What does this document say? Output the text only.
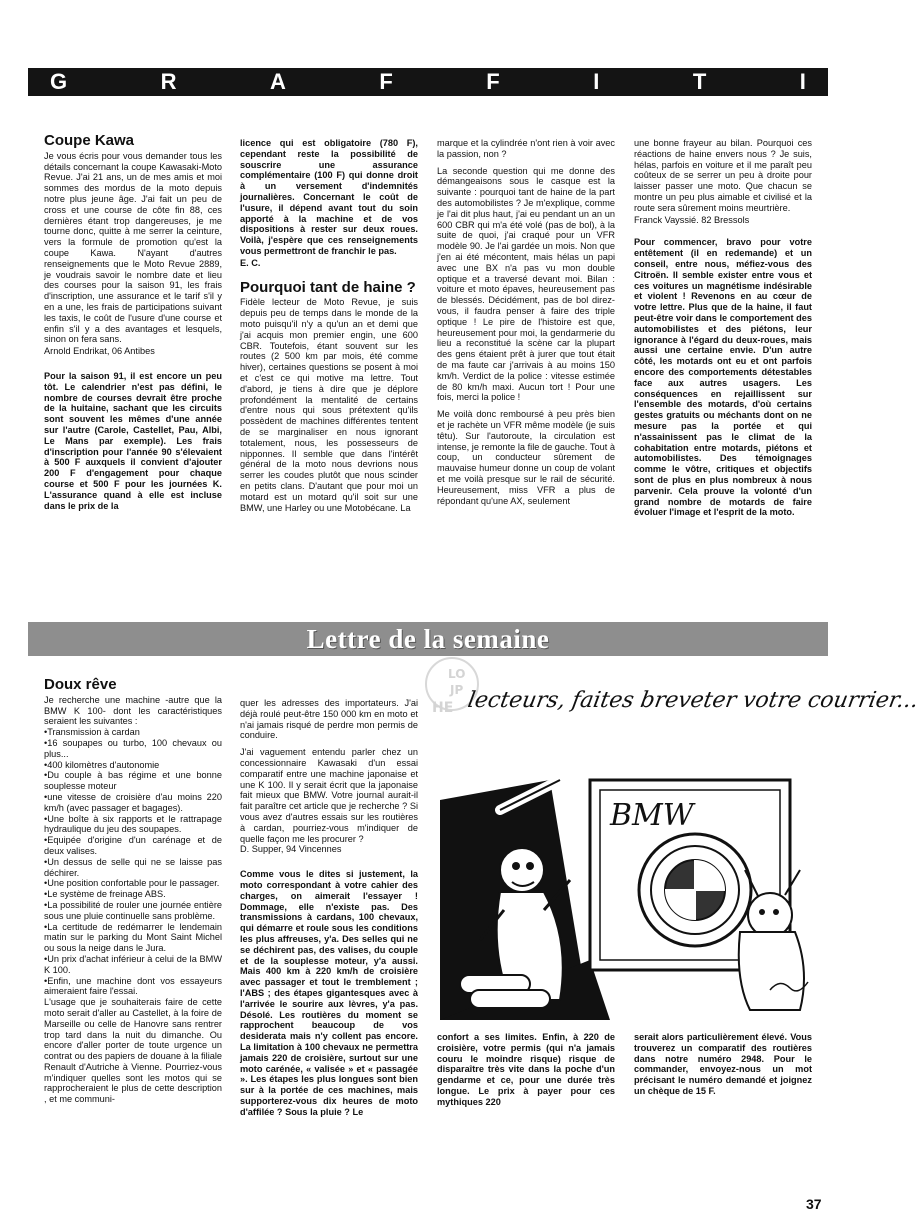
G	R	A	F	F	I	T	I
Coupe Kawa

Je vous écris pour vous demander tous les détails concernant la coupe Kawasaki-Moto Revue. J'ai 21 ans, un de mes amis et moi sommes des mordus de la moto depuis notre plus jeune âge. J'ai fait un peu de cross et une course de côte fin 88, ces dernières étant trop dangereuses, je me tourne donc, quitte à me serrer la ceinture, vers la formule de promotion qu'est la coupe Kawa. N'ayant d'autres renseignements que le Moto Revue 2889, je voudrais savoir le nombre date et lieu des courses pour la saison 91, les frais d'inscription, une assurance et le tarif s'il y en a une, les frais de participations suivant les taxis, le coût de l'usure d'une course et enfin s'il y a des avantages et lesquels, sinon on fera sans.

Arnold Endrikat, 06 Antibes

Pour la saison 91, il est encore un peu tôt. Le calendrier n'est pas défini, le nombre de courses devrait être proche de la huitaine, sachant que les circuits sont souvent les mêmes d'une année sur l'autre (Carole, Castellet, Pau, Albi, Le Mans par exemple). Les frais d'inscription pour l'année 90 s'élevaient à 500 F auxquels il convient d'ajouter 200 F d'engagement pour chaque course et 500 F pour les journées K. L'assurance quand à elle est incluse dans le prix de la

licence qui est obligatoire (780 F), cependant reste la possibilité de souscrire une assurance complémentaire (100 F) qui donne droit à un versement d'indemnités journalières. Concernant le coût de l'usure, il dépend avant tout du soin apporté à la machine et de vos dispositions à rester sur deux roues. Voilà, j'espère que ces renseignements vous permettront de franchir le pas.

E. C.

Pourquoi tant de haine ?

Fidèle lecteur de Moto Revue, je suis depuis peu de temps dans le monde de la moto puisqu'il n'y a qu'un an et demi que j'ai acquis mon premier engin, une 600 CBR. Toutefois, étant souvent sur les routes (2 500 km par mois, été comme hiver), certaines questions se posent à moi et c'est ce qui motive ma lettre. Tout d'abord, je tiens à dire que je déplore profondément la mentalité de certains d'entre nous qui sous prétextent qu'ils possèdent de machines différentes tentent de se marginaliser en nous ignorant totalement, nous, les possesseurs de nipponnes. Il semble que dans l'intérêt général de la moto nous devrions nous serrer les coudes plutôt que nous scinder en petits clans. D'autant que pour moi un motard est un motard qu'il soit sur une BMW, une Harley ou une Motobécane. La

marque et la cylindrée n'ont rien à voir avec la passion, non ?

La seconde question qui me donne des démangeaisons sous le casque est la suivante : pourquoi tant de haine de la part des automobilistes ? Je m'explique, comme je l'ai dit plus haut, j'ai eu pendant un an un 600 CBR qui m'a été volé (pas de bol), à la suite de quoi, j'ai craqué pour un VFR modèle 90. Je l'ai gardée un mois. Non que j'en ai été mécontent, mais hélas un papi avec une BX n'a pas vu mon double optique et a traversé devant moi. Bilan : voiture et moto épaves, heureusement pas de blessés. Décidément, pas de bol direz-vous, il faudra penser à faire des triple optique ! Le pire de l'histoire est que, heureusement pour moi, la gendarmerie du lieu a reconstitué la scène car la plupart des gens étaient prêt à jurer que tout était de ma faute car j'arrivais à au moins 150 km/h. Verdict de la police : vitesse estimée de 80 km/h maxi. Aucun tort ! Pour une fois, merci la police !

Me voilà donc remboursé à peu près bien et je rachète un VFR même modèle (je suis têtu). Sur l'autoroute, la circulation est intense, je remonte la file de gauche. Tout à coup, un conducteur sûrement de mauvaise humeur donne un coup de volant et me voilà presque sur le rail de sécurité. Heureusement, miss VFR a plus de répondant qu'une AX, seulement

une bonne frayeur au bilan. Pourquoi ces réactions de haine envers nous ? Je suis, hélas, parfois en voiture et il me paraît peu coûteux de se serrer un peu à droite pour laisser passer une moto. Que chacun se montre un peu plus aimable et civilisé et la route sera sûrement moins meurtrière.

Franck Vayssié. 82 Bressols

Pour commencer, bravo pour votre entêtement (il en redemande) et un conseil, entre nous, méfiez-vous des Citroën. Il semble exister entre vous et ces voitures un magnétisme indésirable et violent ! Revenons en au cœur de votre lettre. Plus que de la haine, il faut peut-être voir dans le comportement des automobilistes et des piétons, leur ignorance à l'égard du deux-roues, mais aussi une certaine envie. D'un autre côté, les motards ont eu et ont parfois encore des comportements détestables face aux autres usagers. Les conséquences en rejaillissent sur l'ensemble des motards, d'où certains gestes gratuits ou méchants dont on ne mesure pas la portée et qui n'assainissent pas le climat de la cohabitation entre motards, piétons et automobilistes. Des témoignages comme le vôtre, critiques et objectifs sont de plus en plus nombreux à nous parvenir. Cela prouve la volonté d'un grand nombre de motards de faire évoluer l'image et l'esprit de la moto.

Lettre de la semaine
LO
JP
HE
Doux rêve

Je recherche une machine -autre que la BMW K 100- dont les caractéristiques seraient les suivantes :

•Transmission à cardan
•16 soupapes ou turbo, 100 chevaux ou plus...
•400 kilomètres d'autonomie
•Du couple à bas régime et une bonne souplesse moteur
•une vitesse de croisière d'au moins 220 km/h (avec passager et bagages).
•Une boîte à six rapports et le rattrapage hydraulique du jeu des soupapes.
•Equipée d'origine d'un carénage et de deux valises.
•Un dessus de selle qui ne se laisse pas déchirer.
•Une position confortable pour le passager.
•Le système de freinage ABS.
•La possibilité de rouler une journée entière sous une pluie continuelle sans problème.
•La certitude de redémarrer le lendemain matin sur le parking du Mont Saint Michel ou sous la neige dans le Jura.
•Un prix d'achat inférieur à celui de la BMW K 100.
•Enfin, une machine dont vos essayeurs aimeraient faire l'essai.

L'usage que je souhaiterais faire de cette moto serait d'aller au Castellet, à la foire de Marseille ou celle de Hanovre sans rentrer trop tard dans la nuit du dimanche. Ou encore d'aller porter de toute urgence un contrat ou des papiers de douane à la filiale Renault d'Autriche à Vienne. Pourriez-vous m'indiquer quelles sont les motos qui se rapprocheraient le plus de cette description , et me communi-

quer les adresses des importateurs. J'ai déjà roulé peut-être 150 000 km en moto et n'ai jamais risqué de perdre mon permis de conduire.

J'ai vaguement entendu parler chez un concessionnaire Kawasaki d'un essai comparatif entre une machine japonaise et une K 100. Il y serait écrit que la japonaise fait mieux que BMW. Votre journal aurait-il fait paraître cet article que je recherche ? Si vous avez d'autres essais sur les routières à cardan, pourriez-vous m'indiquer de quelle façon me les procurer ?

D. Supper, 94 Vincennes

Comme vous le dites si justement, la moto correspondant à votre cahier des charges, on aimerait l'essayer ! Dommage, elle n'existe pas. Des transmissions à cardans, 100 chevaux, qui démarre et roule sous les conditions les plus affreuses, y'a. Des selles qui ne se déchirent pas, des valises, du couple et de la souplesse moteur, y'a aussi. Mais 400 km à 220 km/h de croisière avec passager et tout le tremblement ; l'ABS ; des étapes gigantesques avec à l'arrivée le sourire aux lèvres, y'a pas. Désolé. Les routières du moment se rapprochent beaucoup de vos desiderata mais n'y collent pas encore. La limitation à 100 chevaux ne permettra jamais 220 de croisière, surtout sur une moto carénée, « valisée » et « passagée ». Les étapes les plus longues sont bien sur à la portée de ces machines, mais supporterez-vous dix heures de moto d'affilée ? Sous la pluie ? Le

lecteurs, faites breveter votre courrier...
BMW

confort a ses limites. Enfin, à 220 de croisière, votre permis (qui n'a jamais couru le moindre risque) risque de disparaître très vite dans la poche d'un gendarme et ce, pour une durée très longue. Le prix à payer pour ces mythiques 220

serait alors particulièrement élevé. Vous trouverez un comparatif des routières dans notre numéro 2948. Pour le commander, envoyez-nous un mot précisant le numéro demandé et joignez un chèque de 15 F.

37
